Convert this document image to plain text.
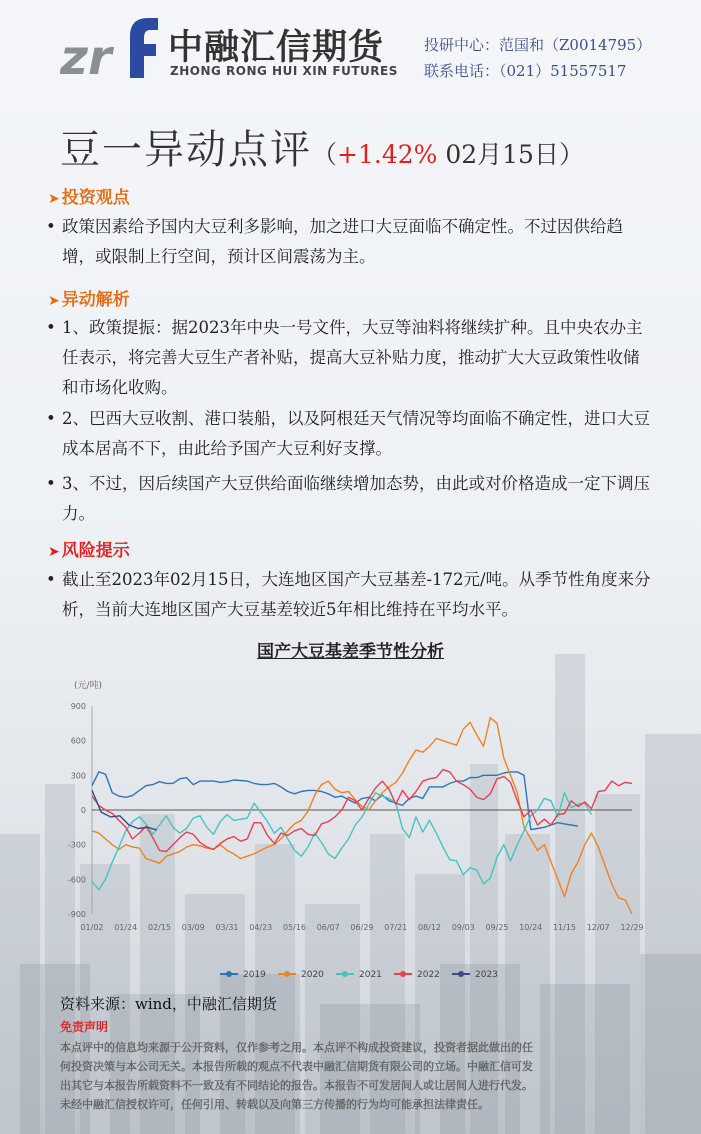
zr 中融汇信期货
ZHONG RONG HUI XIN FUTURES
投研中心：范国和（Z0014795）
联系电话：（021）51557517
豆一异动点评（+1.42% 02月15日）
➤ 投资观点
• 政策因素给予国内大豆利多影响，加之进口大豆面临不确定性。不过因供给趋增，或限制上行空间，预计区间震荡为主。
➤ 异动解析
• 1、政策提振：据2023年中央一号文件，大豆等油料将继续扩种。且中央农办主任表示，将完善大豆生产者补贴，提高大豆补贴力度，推动扩大大豆政策性收储和市场化收购。
• 2、巴西大豆收割、港口装船，以及阿根廷天气情况等均面临不确定性，进口大豆成本居高不下，由此给予国产大豆利好支撑。
• 3、不过，因后续国产大豆供给面临继续增加态势，由此或对价格造成一定下调压力。
➤ 风险提示
• 截止至2023年02月15日，大连地区国产大豆基差-172元/吨。从季节性角度来分析，当前大连地区国产大豆基差较近5年相比维持在平均水平。
国产大豆基差季节性分析
(元/吨)
900
600
300
0
-300
-600
-900
01/02 01/24 02/15 03/09 03/31 04/23 05/16 06/07 06/29 07/21 08/12 09/03 09/25 10/24 11/15 12/07 12/29
2019	2020	2021	2022	2023
资料来源：wind，中融汇信期货
免责声明
本点评中的信息均来源于公开资料，仅作参考之用。本点评不构成投资建议，投资者据此做出的任
何投资决策与本公司无关。本报告所载的观点不代表中融汇信期货有限公司的立场。中融汇信可发
出其它与本报告所载资料不一致及有不同结论的报告。本报告不可发居间人或让居间人进行代发。
未经中融汇信授权许可，任何引用、转载以及向第三方传播的行为均可能承担法律责任。
